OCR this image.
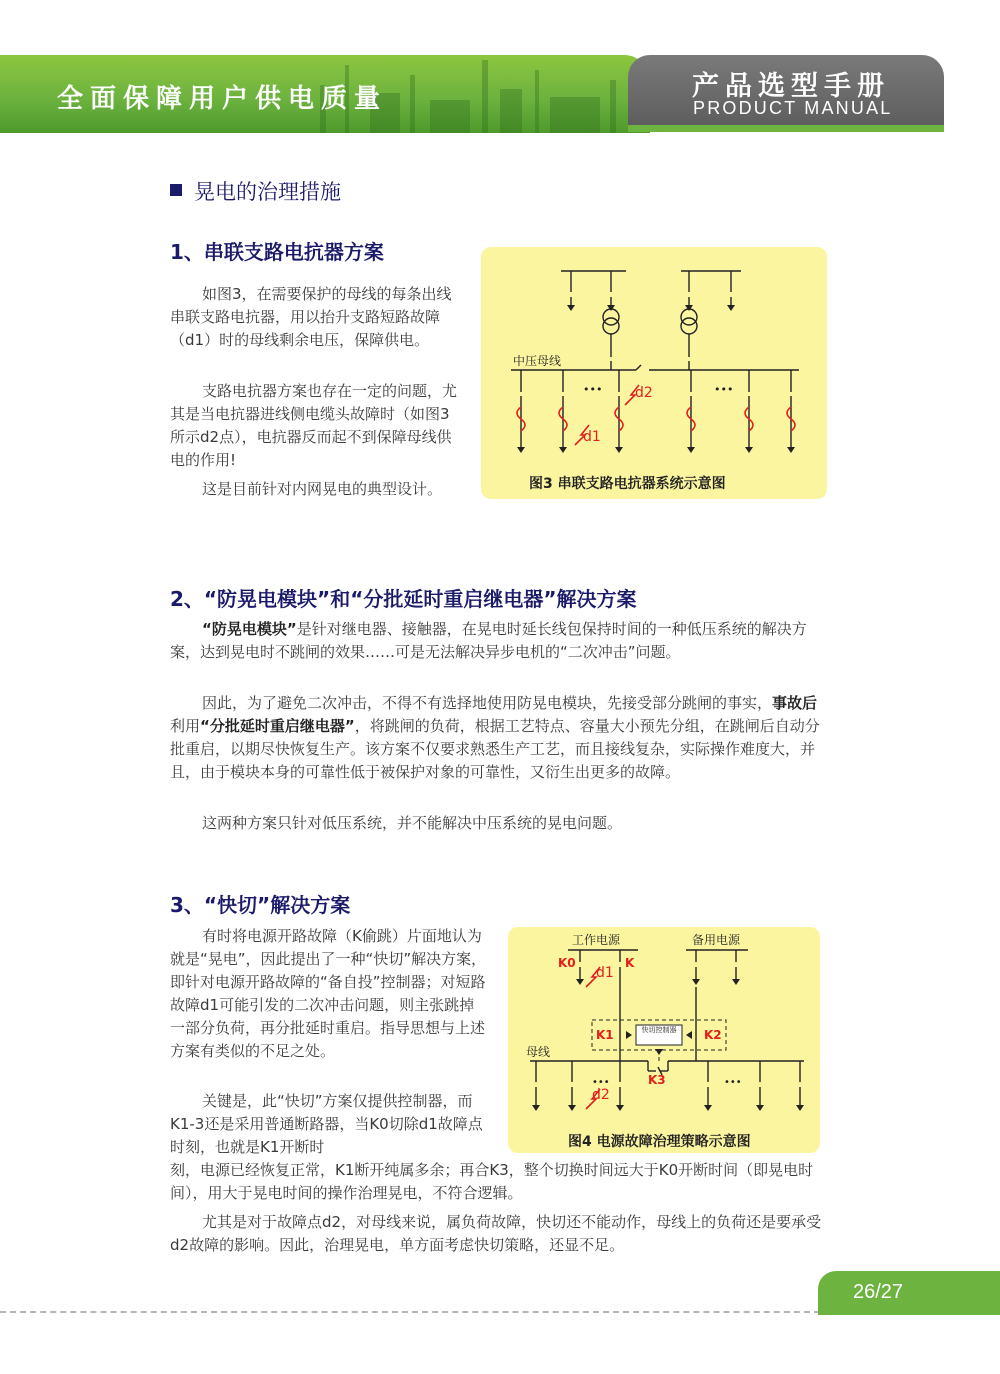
全面保障用户供电质量	产品选型手册
PRODUCT MANUAL
晃电的治理措施
1、串联支路电抗器方案

如图3，在需要保护的母线的每条出线串联支路电抗器，用以抬升支路短路故障（d1）时的母线剩余电压，保障供电。

支路电抗器方案也存在一定的问题，尤其是当电抗器进线侧电缆头故障时（如图3所示d2点），电抗器反而起不到保障母线供电的作用!

这是目前针对内网晃电的典型设计。

中压母线
•••	•••
d2
d1
图3 串联支路电抗器系统示意图
2、“防晃电模块”和“分批延时重启继电器”解决方案

“防晃电模块”是针对继电器、接触器，在晃电时延长线包保持时间的一种低压系统的解决方案，达到晃电时不跳闸的效果……可是无法解决异步电机的“二次冲击”问题。

因此，为了避免二次冲击，不得不有选择地使用防晃电模块，先接受部分跳闸的事实，事故后利用“分批延时重启继电器”，将跳闸的负荷，根据工艺特点、容量大小预先分组，在跳闸后自动分批重启，以期尽快恢复生产。该方案不仅要求熟悉生产工艺，而且接线复杂，实际操作难度大，并且，由于模块本身的可靠性低于被保护对象的可靠性，又衍生出更多的故障。

这两种方案只针对低压系统，并不能解决中压系统的晃电问题。

3、“快切”解决方案

有时将电源开路故障（K偷跳）片面地认为就是“晃电”，因此提出了一种“快切”解决方案，即针对电源开路故障的“备自投”控制器；对短路故障d1可能引发的二次冲击问题，则主张跳掉一部分负荷，再分批延时重启。指导思想与上述方案有类似的不足之处。

关键是，此“快切”方案仅提供控制器，而K1-3还是采用普通断路器，当K0切除d1故障点时刻，也就是K1开断时

刻，电源已经恢复正常，K1断开纯属多余；再合K3，整个切换时间远大于K0开断时间（即晃电时间），用大于晃电时间的操作治理晃电，不符合逻辑。

尤其是对于故障点d2，对母线来说，属负荷故障，快切还不能动作，母线上的负荷还是要承受d2故障的影响。因此，治理晃电，单方面考虑快切策略，还显不足。

工作电源	备用电源
K0	K
d1
K1	K2
K3
母线
d2
•••	•••
快切控制器
图4 电源故障治理策略示意图
26/27
